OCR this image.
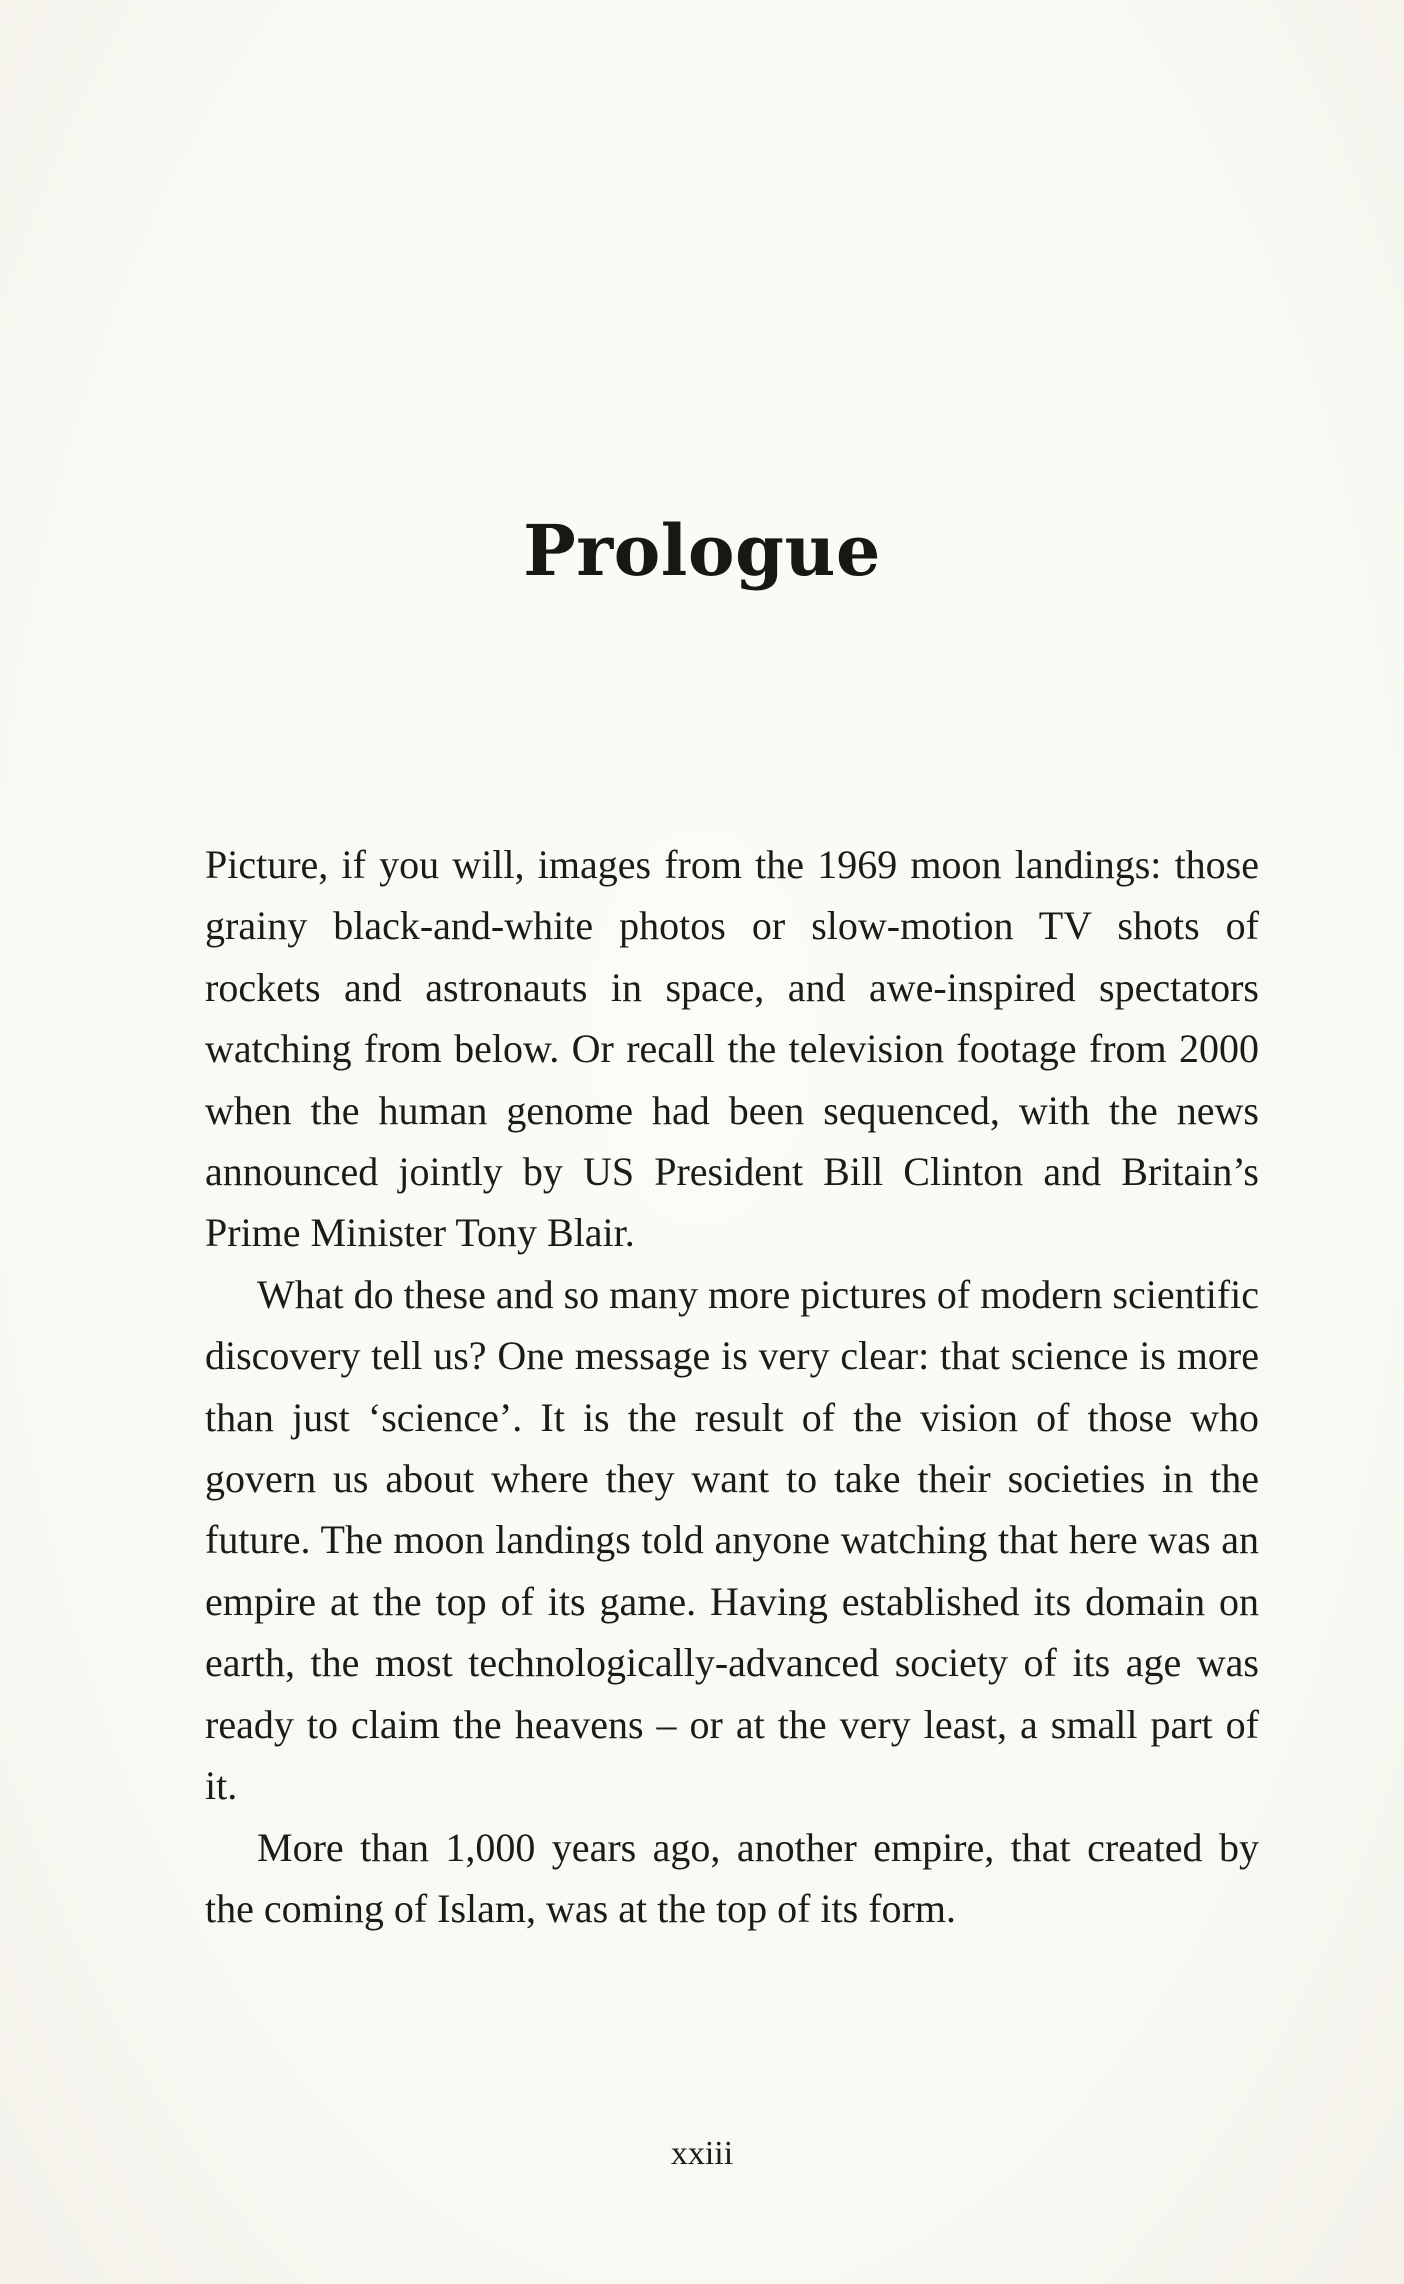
Prologue

Picture, if you will, images from the 1969 moon landings: those grainy black-and-white photos or slow-motion TV shots of rockets and astronauts in space, and awe-inspired spectators watching from below. Or recall the television footage from 2000 when the human genome had been sequenced, with the news announced jointly by US President Bill Clinton and Britain’s Prime Minister Tony Blair.

What do these and so many more pictures of modern scientific discovery tell us? One message is very clear: that science is more than just ‘science’. It is the result of the vision of those who govern us about where they want to take their societies in the future. The moon landings told anyone watching that here was an empire at the top of its game. Having established its domain on earth, the most technologically-advanced society of its age was ready to claim the heavens – or at the very least, a small part of it.

More than 1,000 years ago, another empire, that created by the coming of Islam, was at the top of its form.

xxiii
